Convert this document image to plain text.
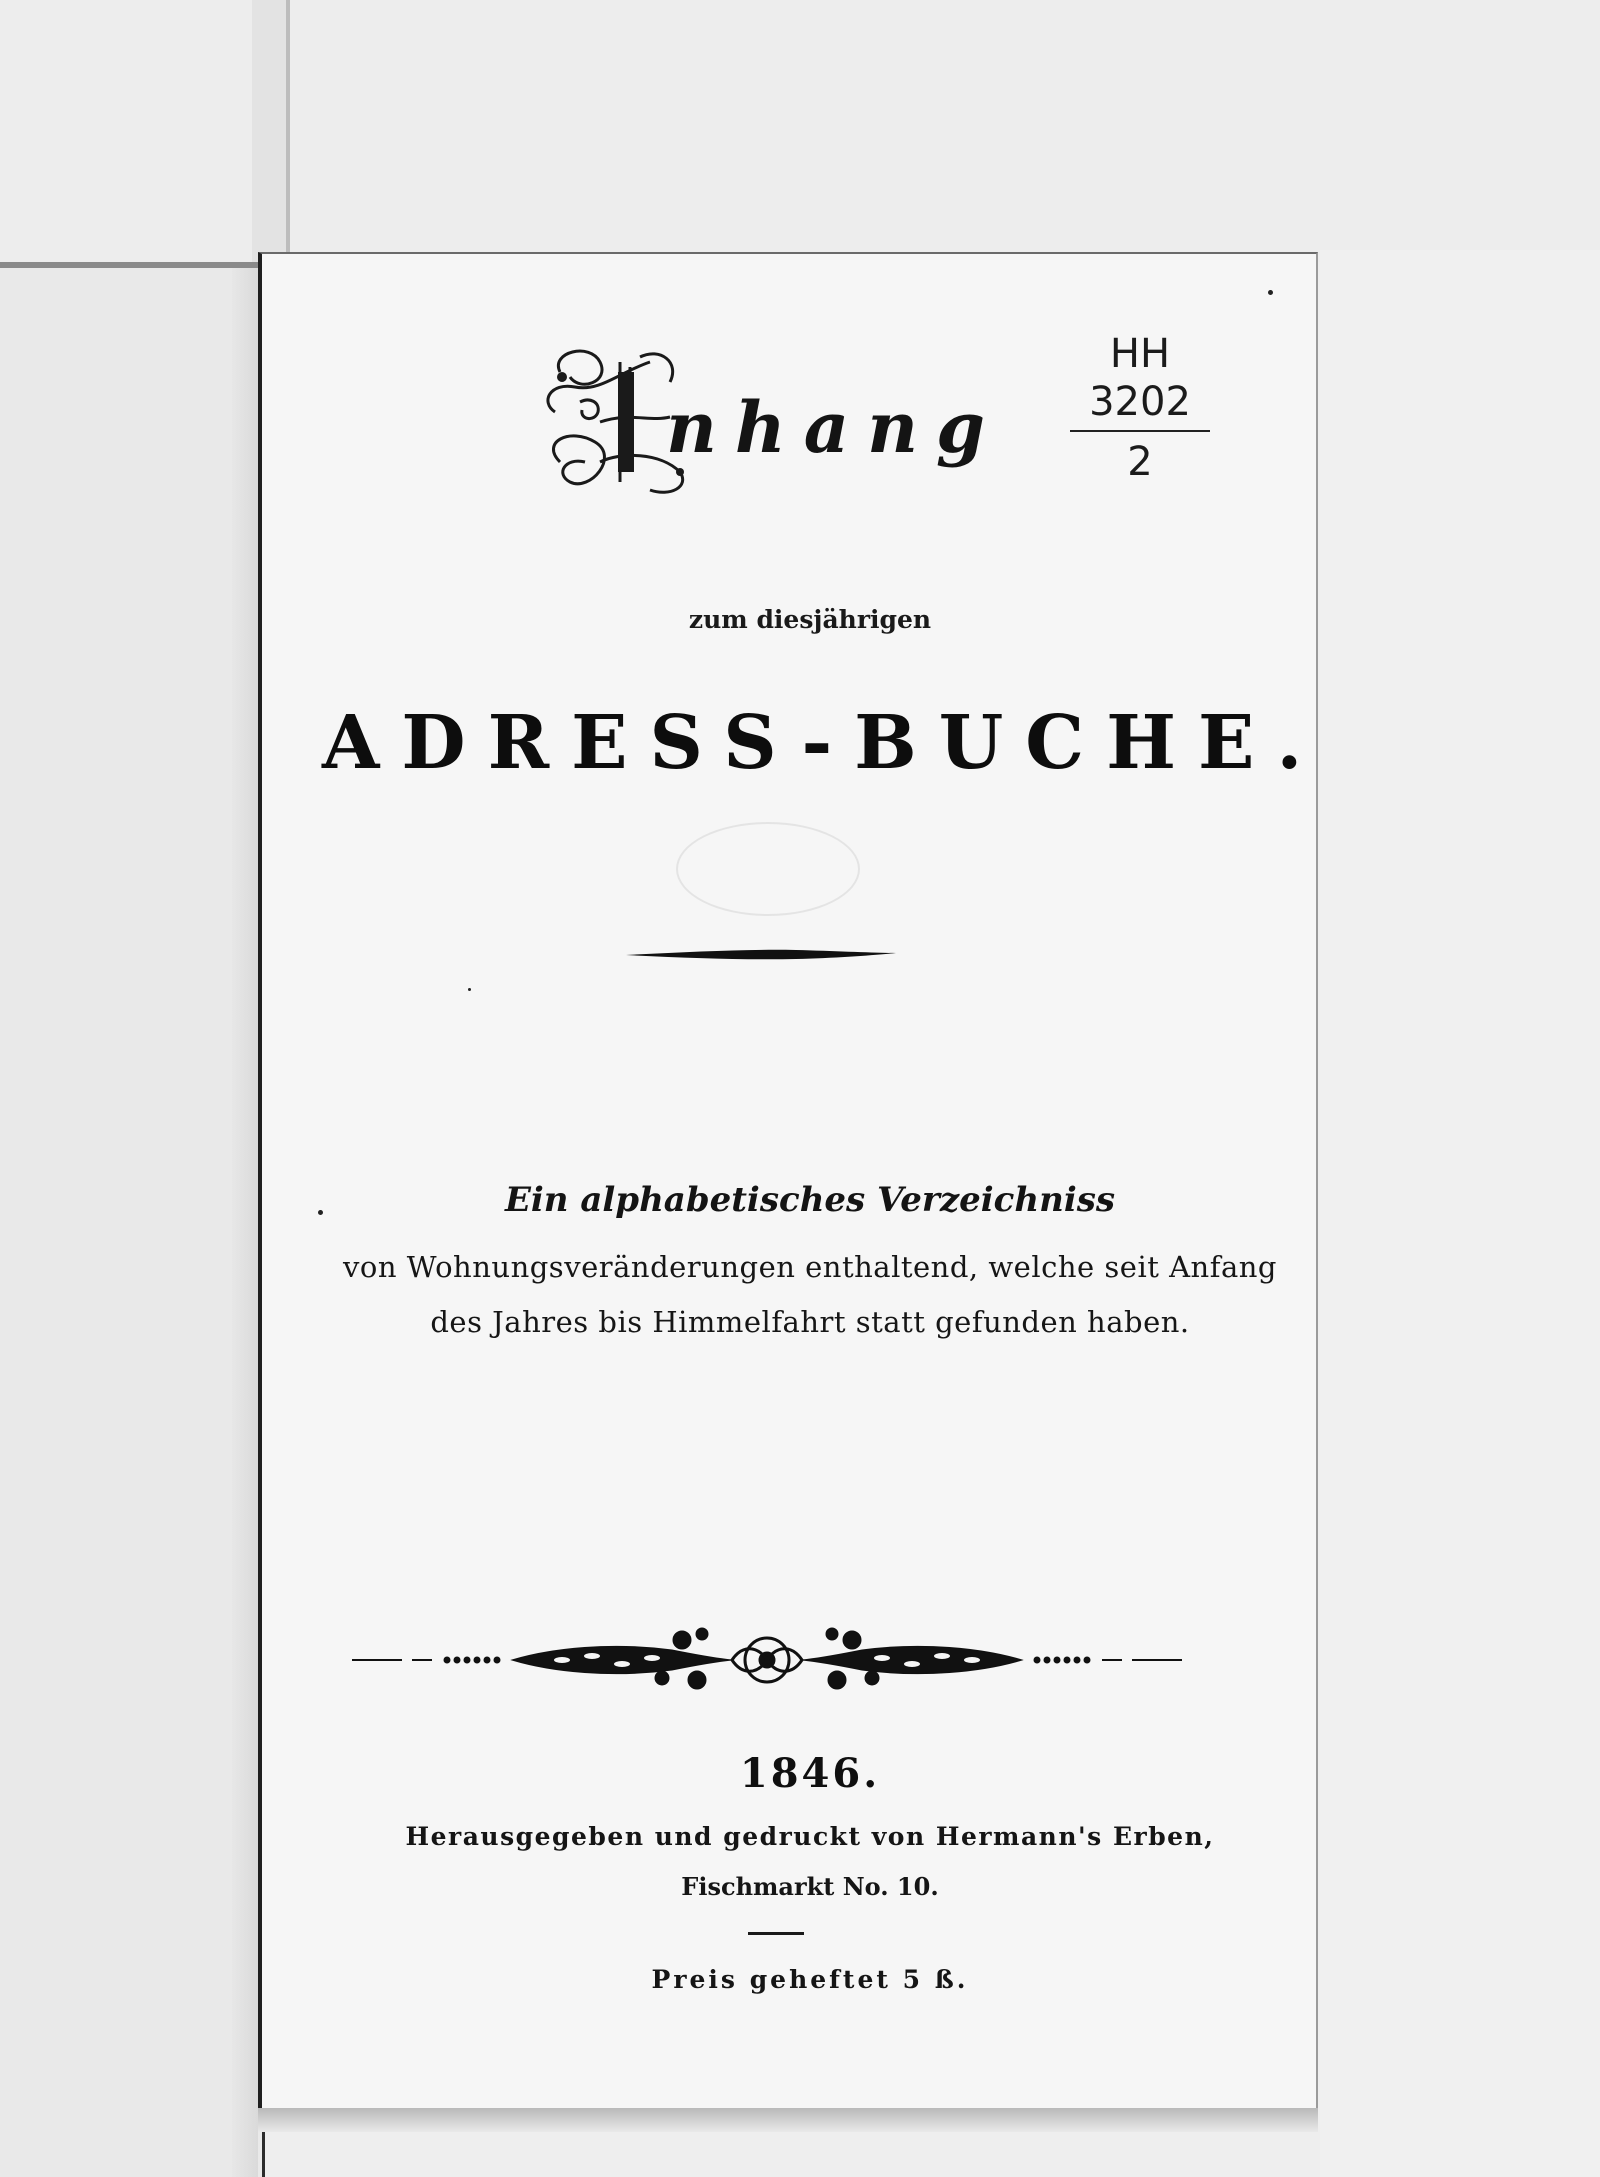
nhang
HH
3202
2
zum diesjährigen
ADRESS-BUCHE.
Ein alphabetisches Verzeichniss
von Wohnungsveränderungen enthaltend, welche seit Anfang
des Jahres bis Himmelfahrt statt gefunden haben.
1846.
Herausgegeben und gedruckt von Hermann's Erben,
Fischmarkt No. 10.
Preis geheftet 5 ß.
